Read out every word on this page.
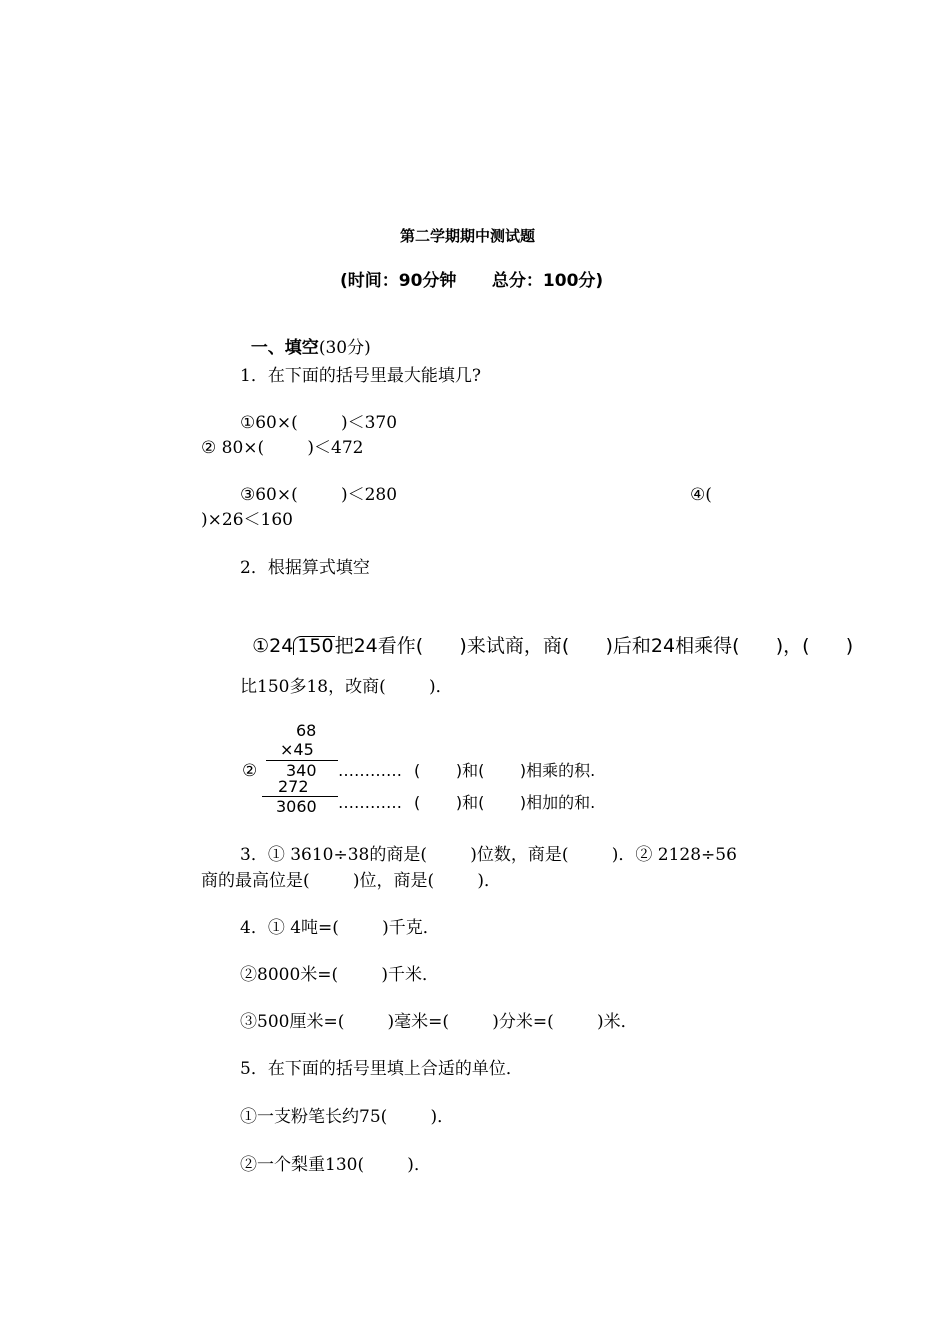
第二学期期中测试题
(时间：90分钟      总分：100分)

一、填空(30分)

1．在下面的括号里最大能填几?
①60×(        )＜370
② 80×(        )＜472
③60×(        )＜280	④(
)×26＜160
2．根据算式填空

①24 150把24看作(      )来试商，商(      )后和24相乘得(      )，(      )

比150多18，改商(        )．
68
×45
② 340 ………… (       )和(       )相乘的积.
272
3060 ………… (       )和(       )相加的和.
3．① 3610÷38的商是(        )位数，商是(        )．② 2128÷56
商的最高位是(        )位，商是(        )．
4．① 4吨=(        )千克．
②8000米=(        )千米．
③500厘米=(        )毫米=(        )分米=(        )米．
5．在下面的括号里填上合适的单位．
①一支粉笔长约75(        )．
②一个梨重130(        )．
